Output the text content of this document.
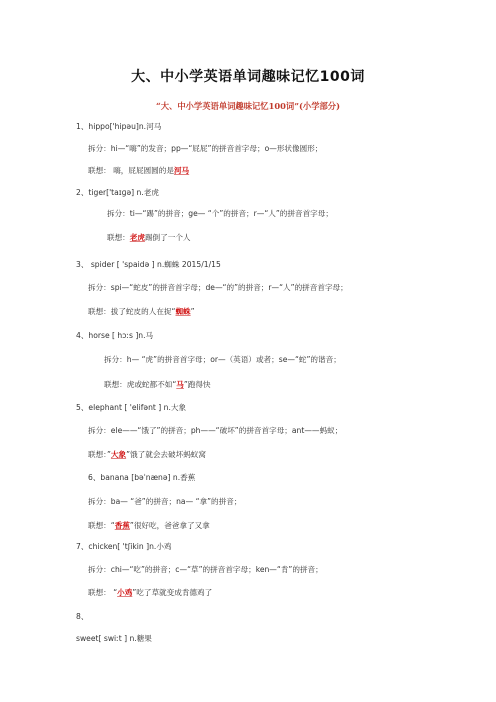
大、中小学英语单词趣味记忆100词
“大、中小学英语单词趣味记忆100词”(小学部分)
1、hippo['hipəu]n.河马
拆分：hi—“嗨”的发音；pp—“屁屁”的拼音首字母；o—形状像圆形；
联想： 嗨，屁屁圆圆的是河马
2、tiger['taɪɡə] n.老虎
拆分：ti—“踢”的拼音；ge— “个”的拼音；r—“人”的拼音首字母；
联想：老虎踢倒了一个人
3、 spider [ 'spaidə ] n.蜘蛛 2015/1/15
拆分：spi—“蛇皮”的拼音首字母；de—“的”的拼音；r—“人”的拼音首字母；
联想：拔了蛇皮的人在捉“蜘蛛”
4、horse [ hɔːs ]n.马
拆分：h— “虎”的拼音首字母；or—（英语）或者；se—“蛇”的谐音；
联想：虎或蛇都不如“马”跑得快
5、elephant [ 'elifənt ] n.大象
拆分：ele——“饿了”的拼音；ph——“破坏”的拼音首字母；ant——蚂蚁；
联想：”大象”饿了就会去破坏蚂蚁窝
6、banana [bəˈnænə] n.香蕉
拆分：ba— “爸”的拼音；na— “拿”的拼音；
联想：“香蕉”很好吃，爸爸拿了又拿
7、chicken[ 'tʃikin ]n.小鸡
拆分：chi—“吃”的拼音；c—“草”的拼音首字母；ken—“肯”的拼音；
联想： “小鸡”吃了草就变成肯德鸡了
8、
sweet[ swiːt ] n.糖果
